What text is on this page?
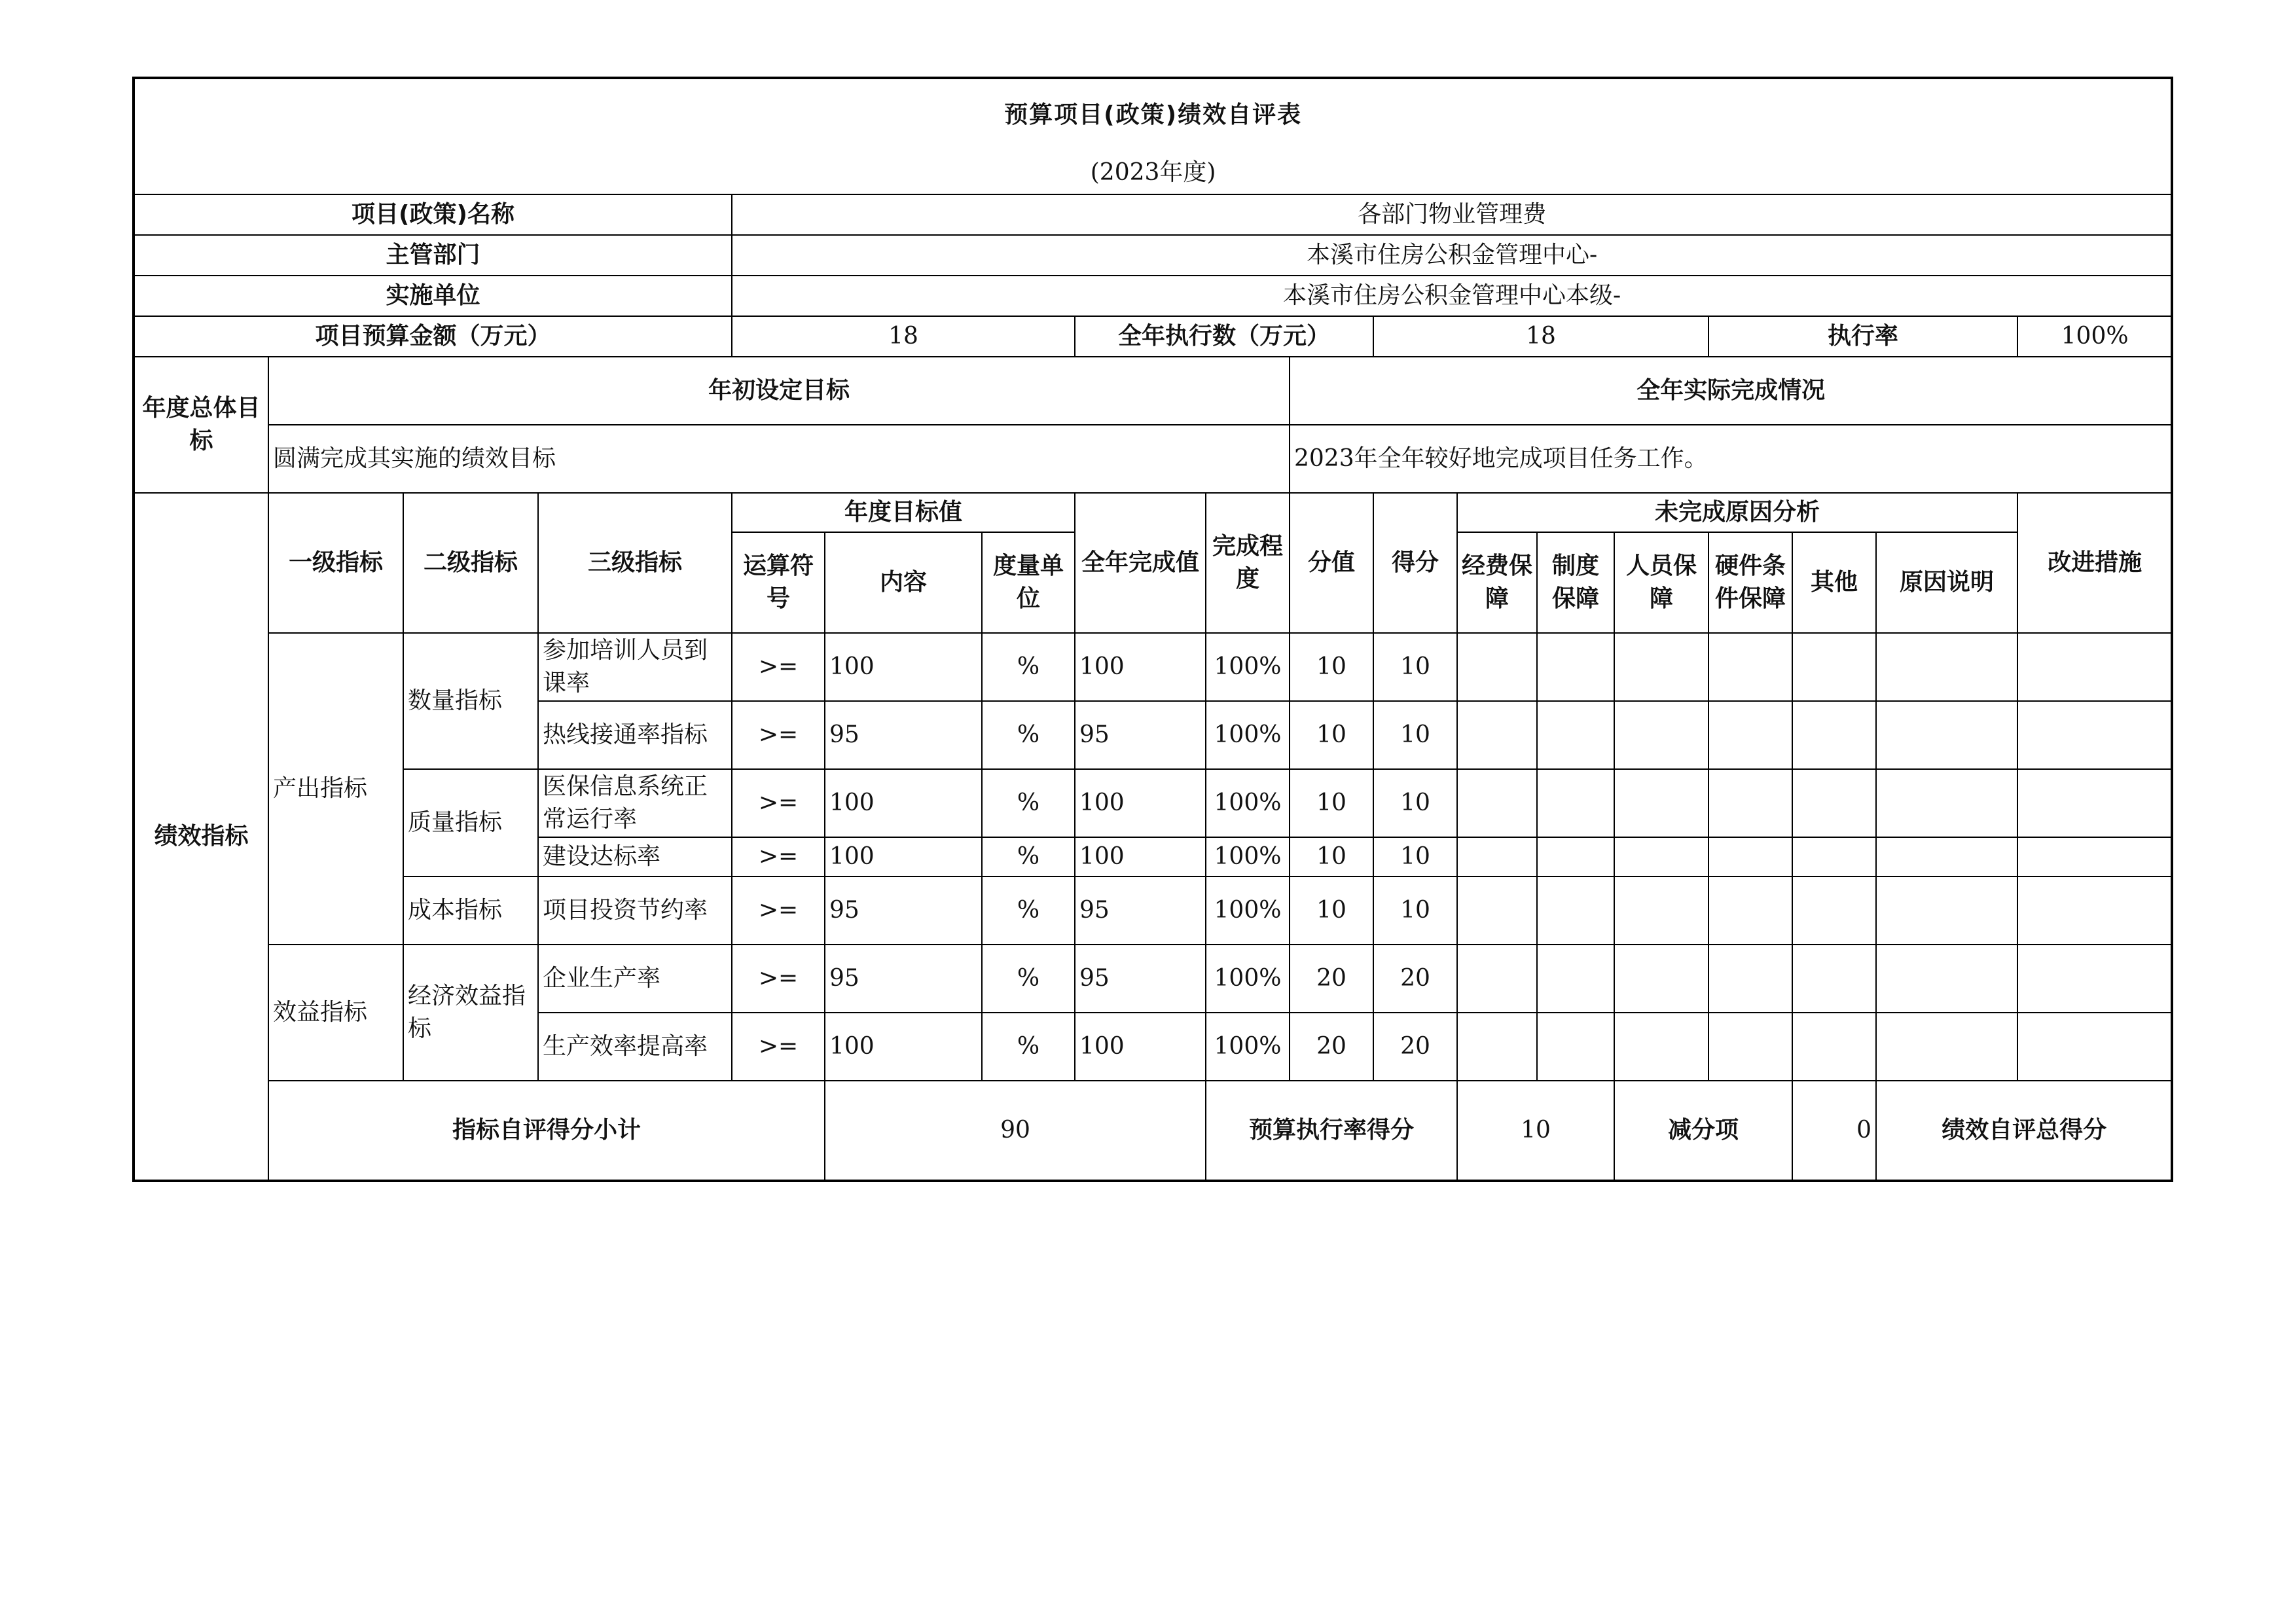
预算项目(政策)绩效自评表																		
(2023年度)																		
项目(政策)名称				各部门物业管理费														
主管部门				本溪市住房公积金管理中心-														
实施单位				本溪市住房公积金管理中心本级-														
项目预算金额（万元）				18			全年执行数（万元）			18				执行率			100%	
年度总体目标	年初设定目标								全年实际完成情况									
	圆满完成其实施的绩效目标								2023年全年较好地完成项目任务工作。									
绩效指标	一级指标	二级指标	三级指标	年度目标值			全年完成值	完成程度	分值	得分	未完成原因分析						改进措施	
				运算符号	内容	度量单位					经费保障	制度保障	人员保障	硬件条件保障	其他	原因说明		
	产出指标	数量指标	参加培训人员到课率	>=	100	%	100	100%	10	10								
			热线接通率指标	>=	95	%	95	100%	10	10								
		质量指标	医保信息系统正常运行率	>=	100	%	100	100%	10	10								
			建设达标率	>=	100	%	100	100%	10	10								
		成本指标	项目投资节约率	>=	95	%	95	100%	10	10								
	效益指标	经济效益指标	企业生产率	>=	95	%	95	100%	20	20								
			生产效率提高率	>=	100	%	100	100%	20	20								
	指标自评得分小计				90			预算执行率得分			10		减分项		0	绩效自评总得分	
